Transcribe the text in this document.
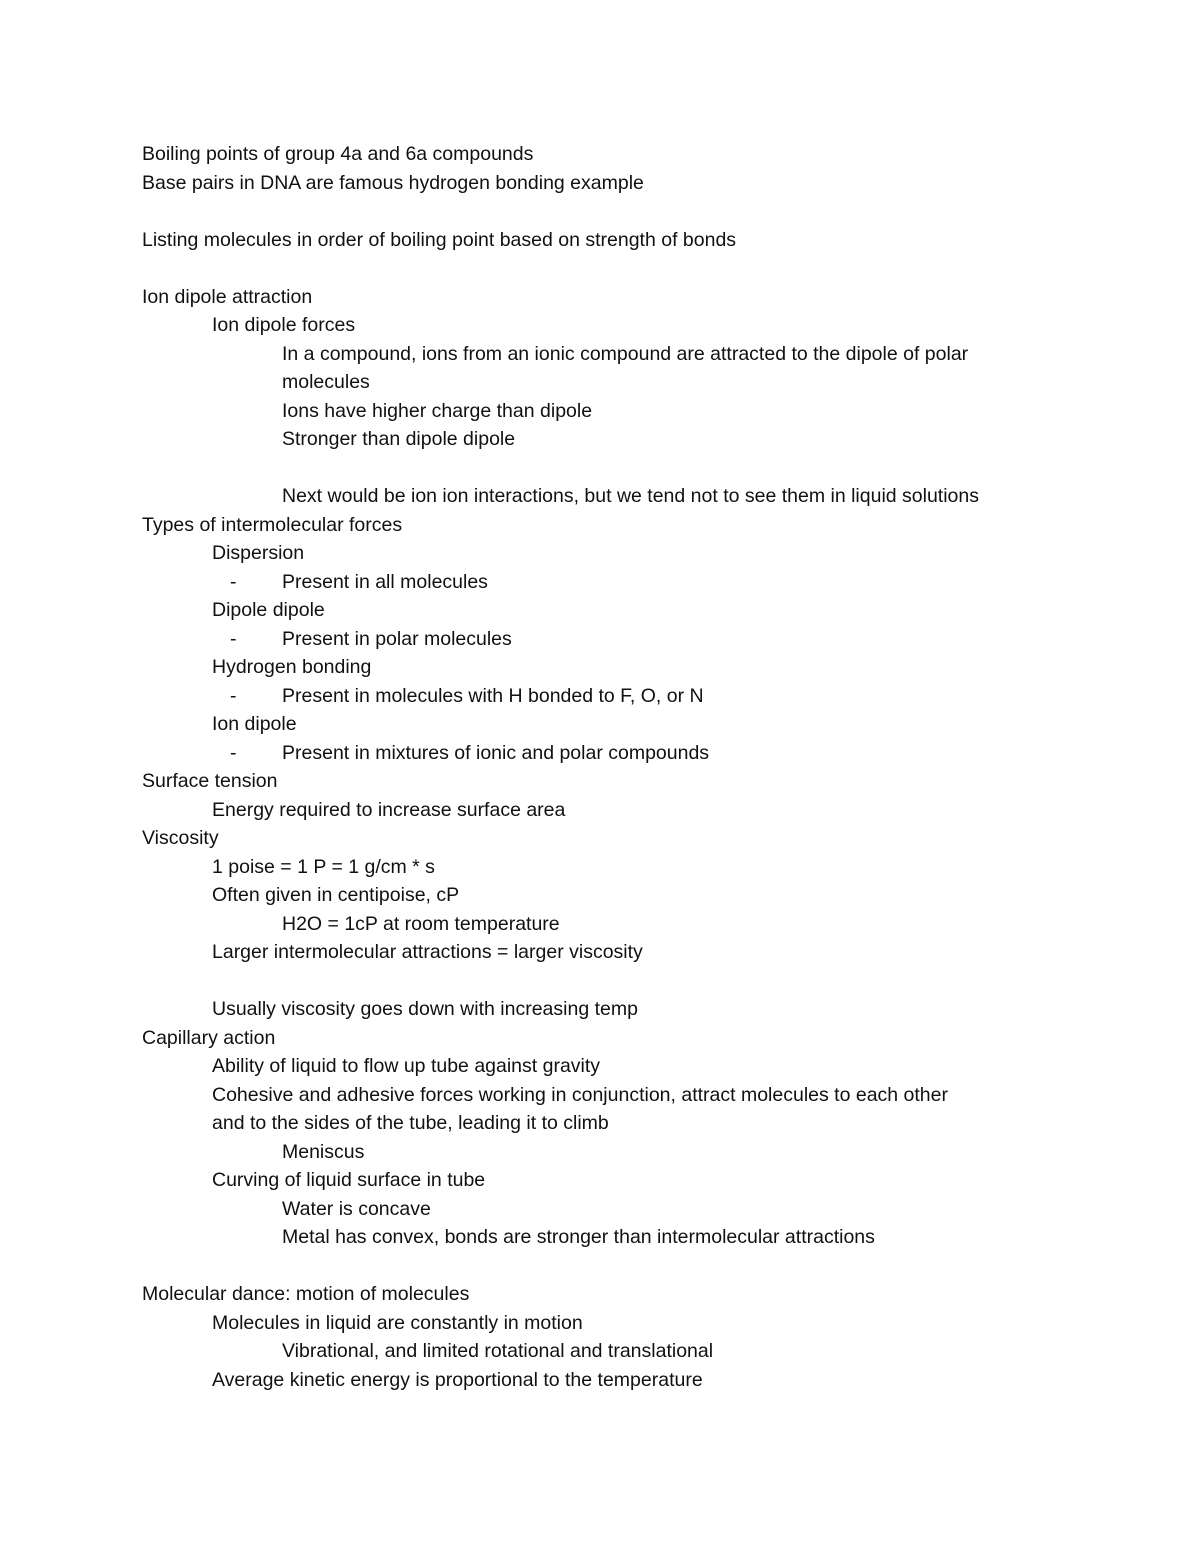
Boiling points of group 4a and 6a compounds
Base pairs in DNA are famous hydrogen bonding example
Listing molecules in order of boiling point based on strength of bonds
Ion dipole attraction
Ion dipole forces
In a compound, ions from an ionic compound are attracted to the dipole of polar
molecules
Ions have higher charge than dipole
Stronger than dipole dipole
Next would be ion ion interactions, but we tend not to see them in liquid solutions
Types of intermolecular forces
Dispersion
- Present in all molecules
Dipole dipole
- Present in polar molecules
Hydrogen bonding
- Present in molecules with H bonded to F, O, or N
Ion dipole
- Present in mixtures of ionic and polar compounds
Surface tension
Energy required to increase surface area
Viscosity
1 poise = 1 P = 1 g/cm * s
Often given in centipoise, cP
H2O = 1cP at room temperature
Larger intermolecular attractions = larger viscosity
Usually viscosity goes down with increasing temp
Capillary action
Ability of liquid to flow up tube against gravity
Cohesive and adhesive forces working in conjunction, attract molecules to each other
and to the sides of the tube, leading it to climb
Meniscus
Curving of liquid surface in tube
Water is concave
Metal has convex, bonds are stronger than intermolecular attractions
Molecular dance: motion of molecules
Molecules in liquid are constantly in motion
Vibrational, and limited rotational and translational
Average kinetic energy is proportional to the temperature
